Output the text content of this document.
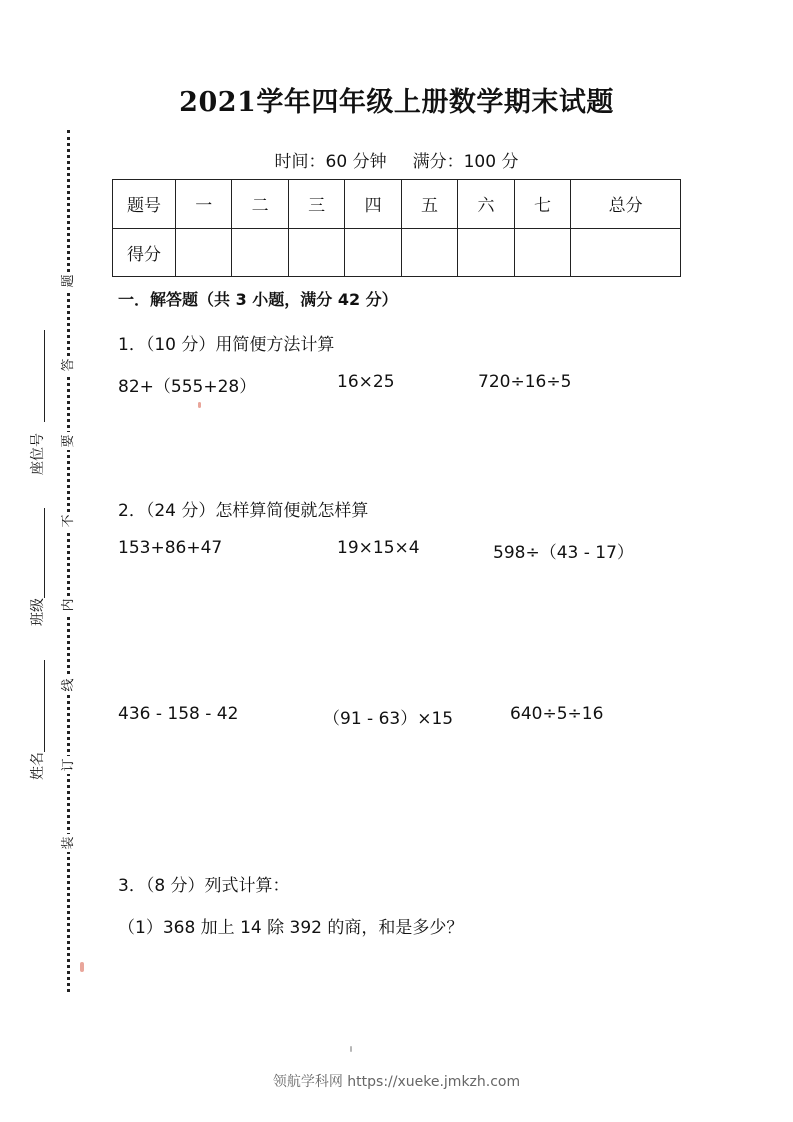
题
答
要
不
内
线
订
装
座位号
班级
姓名
2021学年四年级上册数学期末试题
时间：60 分钟 满分：100 分
题号	一	二	三	四	五	六	七	总分
得分								
一．解答题（共 3 小题，满分 42 分）
1．（10 分）用简便方法计算
82+（555+28）	16×25	720÷16÷5
2．（24 分）怎样算简便就怎样算
153+86+47	19×15×4	598÷（43 - 17）
436 - 158 - 42	（91 - 63）×15	640÷5÷16
3．（8 分）列式计算：
（1）368 加上 14 除 392 的商，和是多少？
领航学科网 https://xueke.jmkzh.com
